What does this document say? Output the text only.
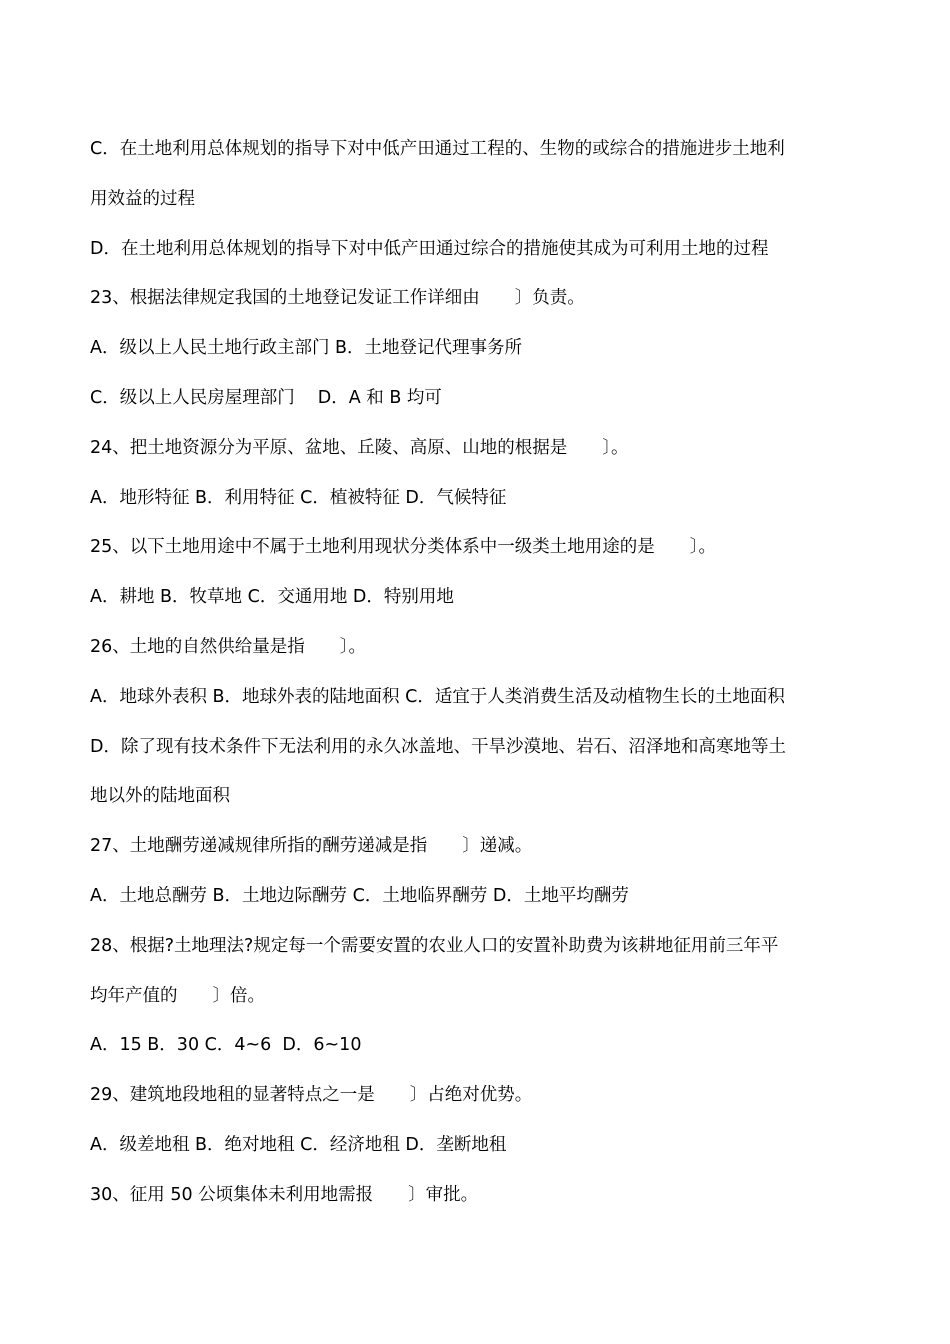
C．在土地利用总体规划的指导下对中低产田通过工程的、生物的或综合的措施进步土地利
用效益的过程
D．在土地利用总体规划的指导下对中低产田通过综合的措施使其成为可利用土地的过程
23、根据法律规定我国的土地登记发证工作详细由　　〕负责。
A．级以上人民土地行政主部门 B．土地登记代理事务所
C．级以上人民房屋理部门　 D．A 和 B 均可
24、把土地资源分为平原、盆地、丘陵、高原、山地的根据是　　〕。
A．地形特征 B．利用特征 C．植被特征 D．气候特征
25、以下土地用途中不属于土地利用现状分类体系中一级类土地用途的是　　〕。
A．耕地 B．牧草地 C．交通用地 D．特别用地
26、土地的自然供给量是指　　〕。
A．地球外表积 B．地球外表的陆地面积 C．适宜于人类消费生活及动植物生长的土地面积
D．除了现有技术条件下无法利用的永久冰盖地、干旱沙漠地、岩石、沼泽地和高寒地等土
地以外的陆地面积
27、土地酬劳递减规律所指的酬劳递减是指　　〕递减。
A．土地总酬劳 B．土地边际酬劳 C．土地临界酬劳 D．土地平均酬劳
28、根据?土地理法?规定每一个需要安置的农业人口的安置补助费为该耕地征用前三年平
均年产值的　　〕倍。
A．15 B．30 C．4~6  D．6~10
29、建筑地段地租的显著特点之一是　　〕占绝对优势。
A．级差地租 B．绝对地租 C．经济地租 D．垄断地租
30、征用 50 公顷集体未利用地需报　　〕审批。
